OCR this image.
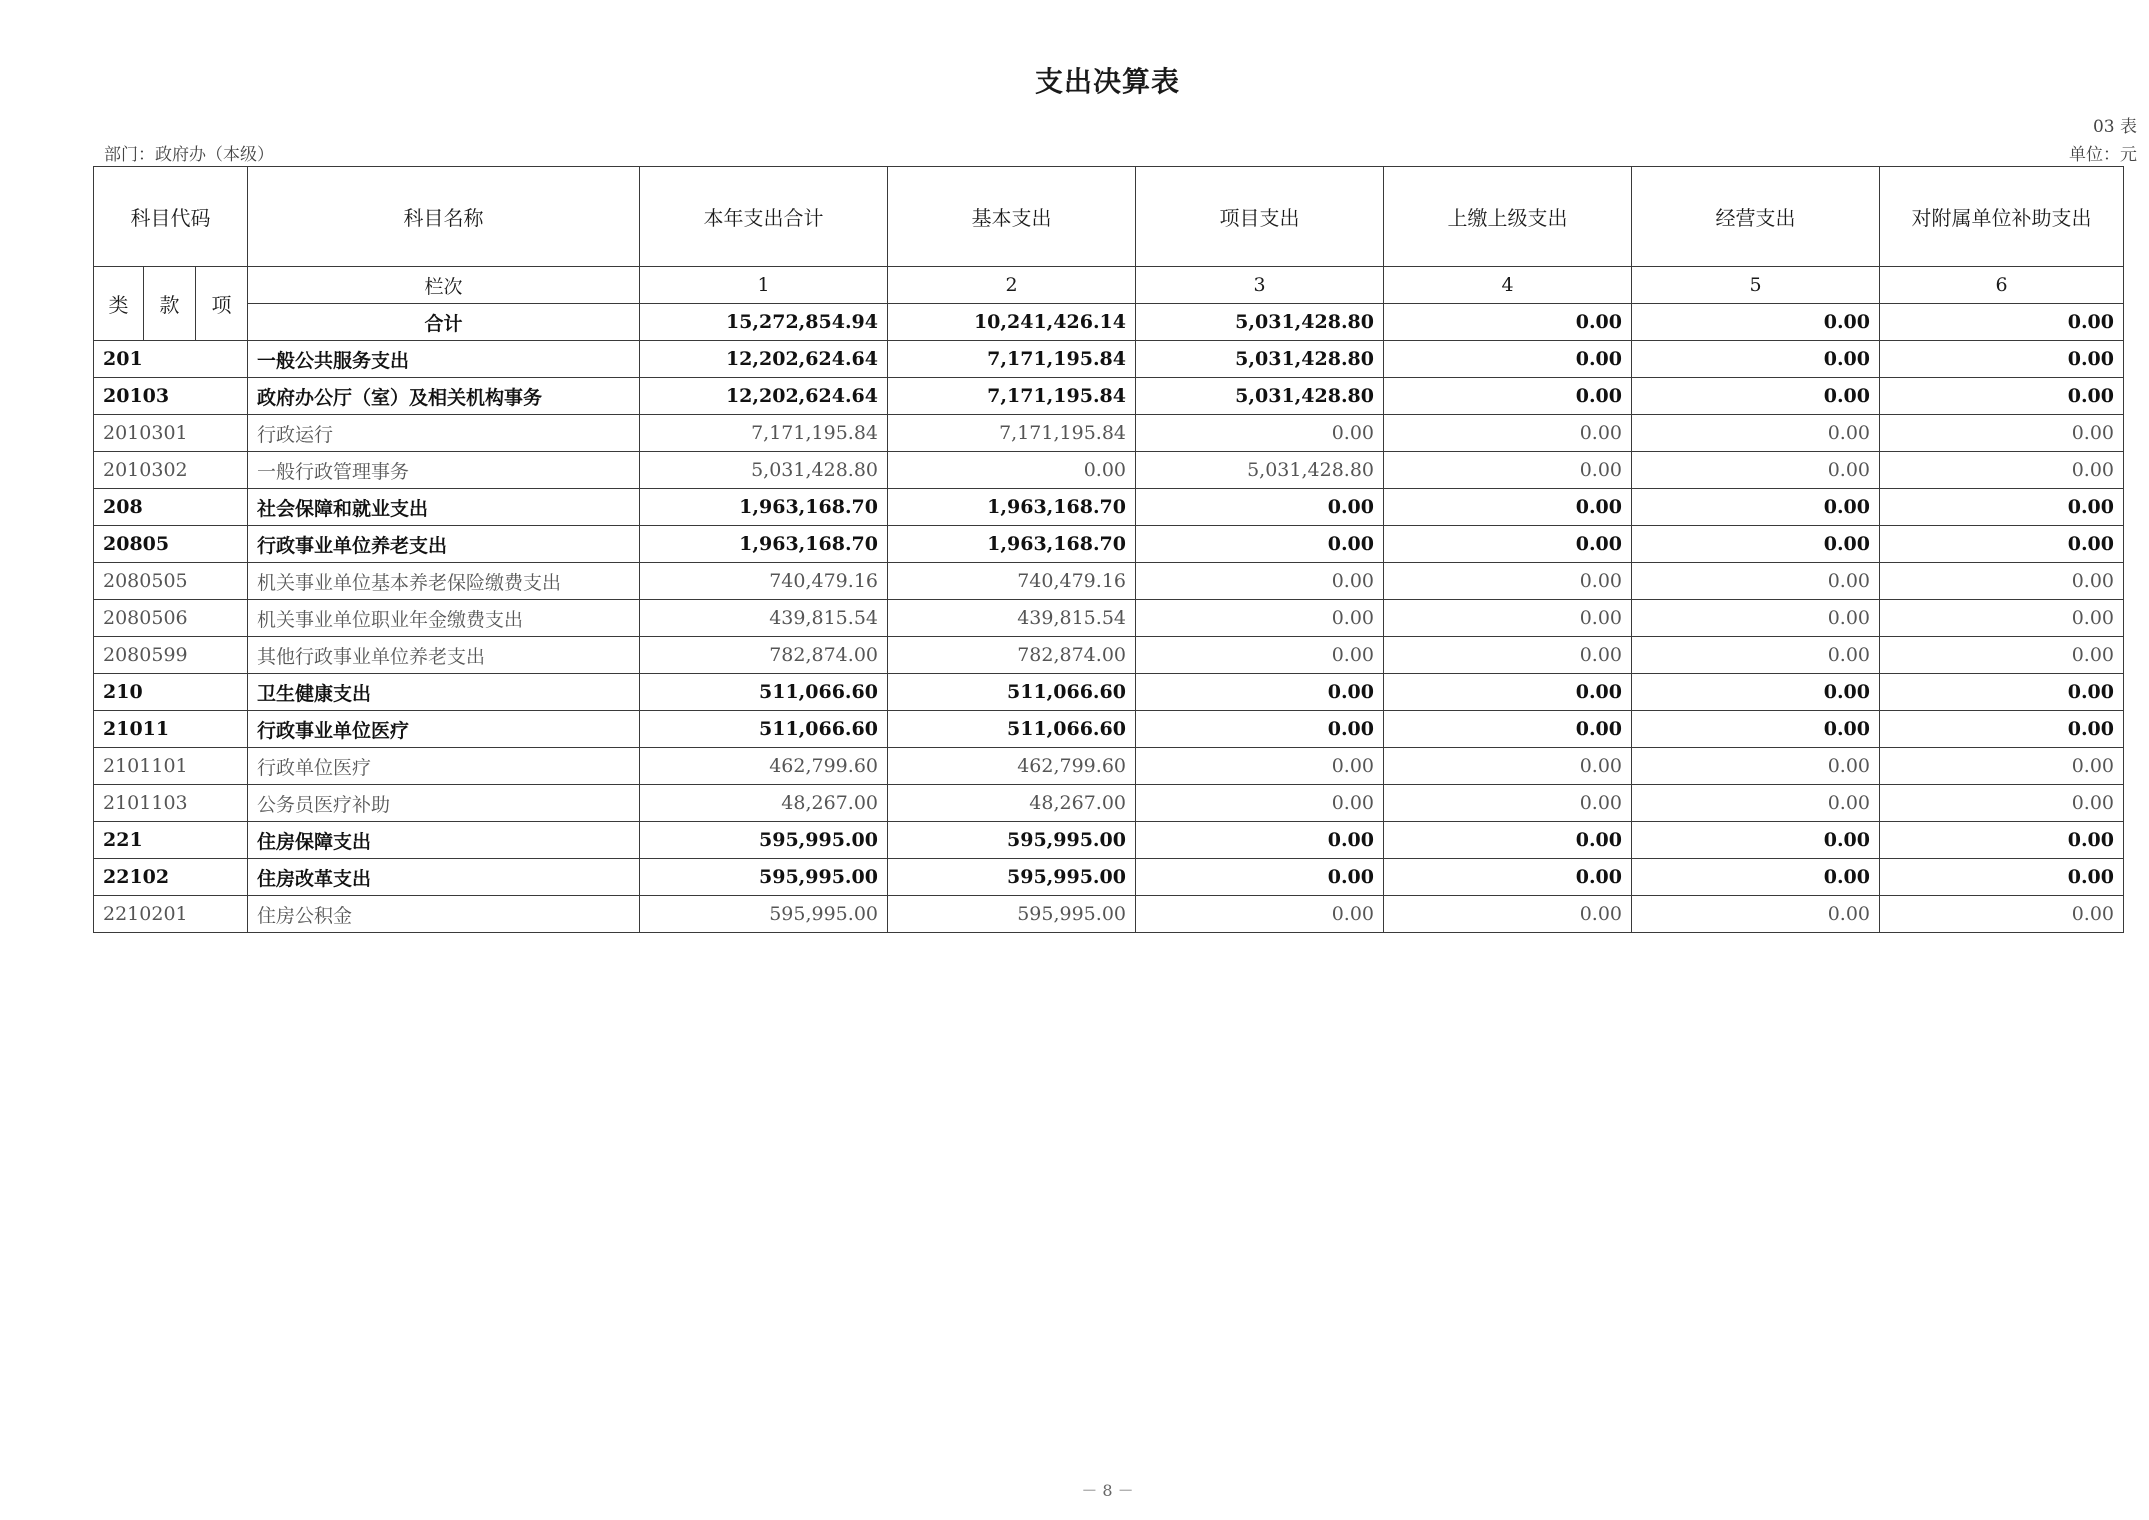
支出决算表
03 表
部门：政府办（本级）	单位：元
科目代码			科目名称	本年支出合计	基本支出	项目支出	上缴上级支出	经营支出	对附属单位补助支出
类	款	项	栏次	1	2	3	4	5	6
			合计	15,272,854.94	10,241,426.14	5,031,428.80	0.00	0.00	0.00
201			一般公共服务支出	12,202,624.64	7,171,195.84	5,031,428.80	0.00	0.00	0.00
20103			政府办公厅（室）及相关机构事务	12,202,624.64	7,171,195.84	5,031,428.80	0.00	0.00	0.00
2010301			行政运行	7,171,195.84	7,171,195.84	0.00	0.00	0.00	0.00
2010302			一般行政管理事务	5,031,428.80	0.00	5,031,428.80	0.00	0.00	0.00
208			社会保障和就业支出	1,963,168.70	1,963,168.70	0.00	0.00	0.00	0.00
20805			行政事业单位养老支出	1,963,168.70	1,963,168.70	0.00	0.00	0.00	0.00
2080505			机关事业单位基本养老保险缴费支出	740,479.16	740,479.16	0.00	0.00	0.00	0.00
2080506			机关事业单位职业年金缴费支出	439,815.54	439,815.54	0.00	0.00	0.00	0.00
2080599			其他行政事业单位养老支出	782,874.00	782,874.00	0.00	0.00	0.00	0.00
210			卫生健康支出	511,066.60	511,066.60	0.00	0.00	0.00	0.00
21011			行政事业单位医疗	511,066.60	511,066.60	0.00	0.00	0.00	0.00
2101101			行政单位医疗	462,799.60	462,799.60	0.00	0.00	0.00	0.00
2101103			公务员医疗补助	48,267.00	48,267.00	0.00	0.00	0.00	0.00
221			住房保障支出	595,995.00	595,995.00	0.00	0.00	0.00	0.00
22102			住房改革支出	595,995.00	595,995.00	0.00	0.00	0.00	0.00
2210201			住房公积金	595,995.00	595,995.00	0.00	0.00	0.00	0.00
－ 8 －
